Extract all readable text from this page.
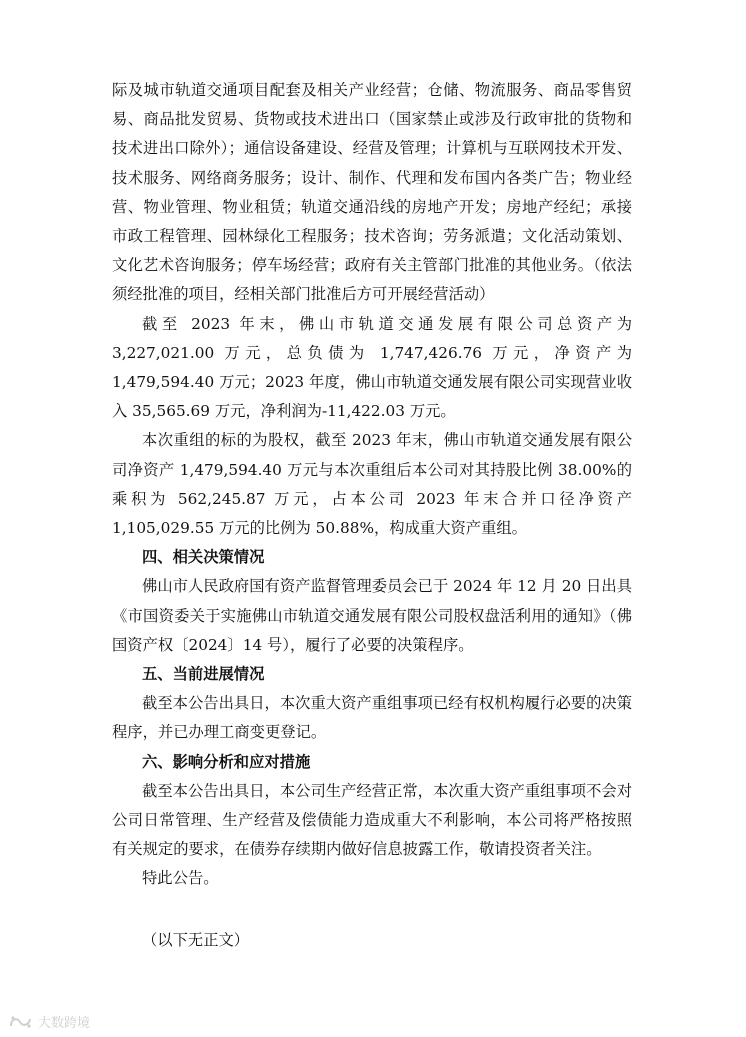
际及城市轨道交通项目配套及相关产业经营；仓储、物流服务、商品零售贸易、商品批发贸易、货物或技术进出口（国家禁止或涉及行政审批的货物和技术进出口除外）；通信设备建设、经营及管理；计算机与互联网技术开发、技术服务、网络商务服务；设计、制作、代理和发布国内各类广告；物业经营、物业管理、物业租赁；轨道交通沿线的房地产开发；房地产经纪；承接市政工程管理、园林绿化工程服务；技术咨询；劳务派遣；文化活动策划、文化艺术咨询服务；停车场经营；政府有关主管部门批准的其他业务。（依法须经批准的项目，经相关部门批准后方可开展经营活动）

截至 2023 年末，佛山市轨道交通发展有限公司总资产为 3,227,021.00 万元，总负债为 1,747,426.76 万元，净资产为 1,479,594.40 万元；2023 年度，佛山市轨道交通发展有限公司实现营业收入 35,565.69 万元，净利润为-11,422.03 万元。

本次重组的标的为股权，截至 2023 年末，佛山市轨道交通发展有限公司净资产 1,479,594.40 万元与本次重组后本公司对其持股比例 38.00%的乘积为 562,245.87 万元，占本公司 2023 年末合并口径净资产 1,105,029.55 万元的比例为 50.88%，构成重大资产重组。

四、相关决策情况

佛山市人民政府国有资产监督管理委员会已于 2024 年 12 月 20 日出具《市国资委关于实施佛山市轨道交通发展有限公司股权盘活利用的通知》（佛国资产权〔2024〕14 号），履行了必要的决策程序。

五、当前进展情况

截至本公告出具日，本次重大资产重组事项已经有权机构履行必要的决策程序，并已办理工商变更登记。

六、影响分析和应对措施

截至本公告出具日，本公司生产经营正常，本次重大资产重组事项不会对公司日常管理、生产经营及偿债能力造成重大不利影响，本公司将严格按照有关规定的要求，在债券存续期内做好信息披露工作，敬请投资者关注。

特此公告。

（以下无正文）

大数跨境
